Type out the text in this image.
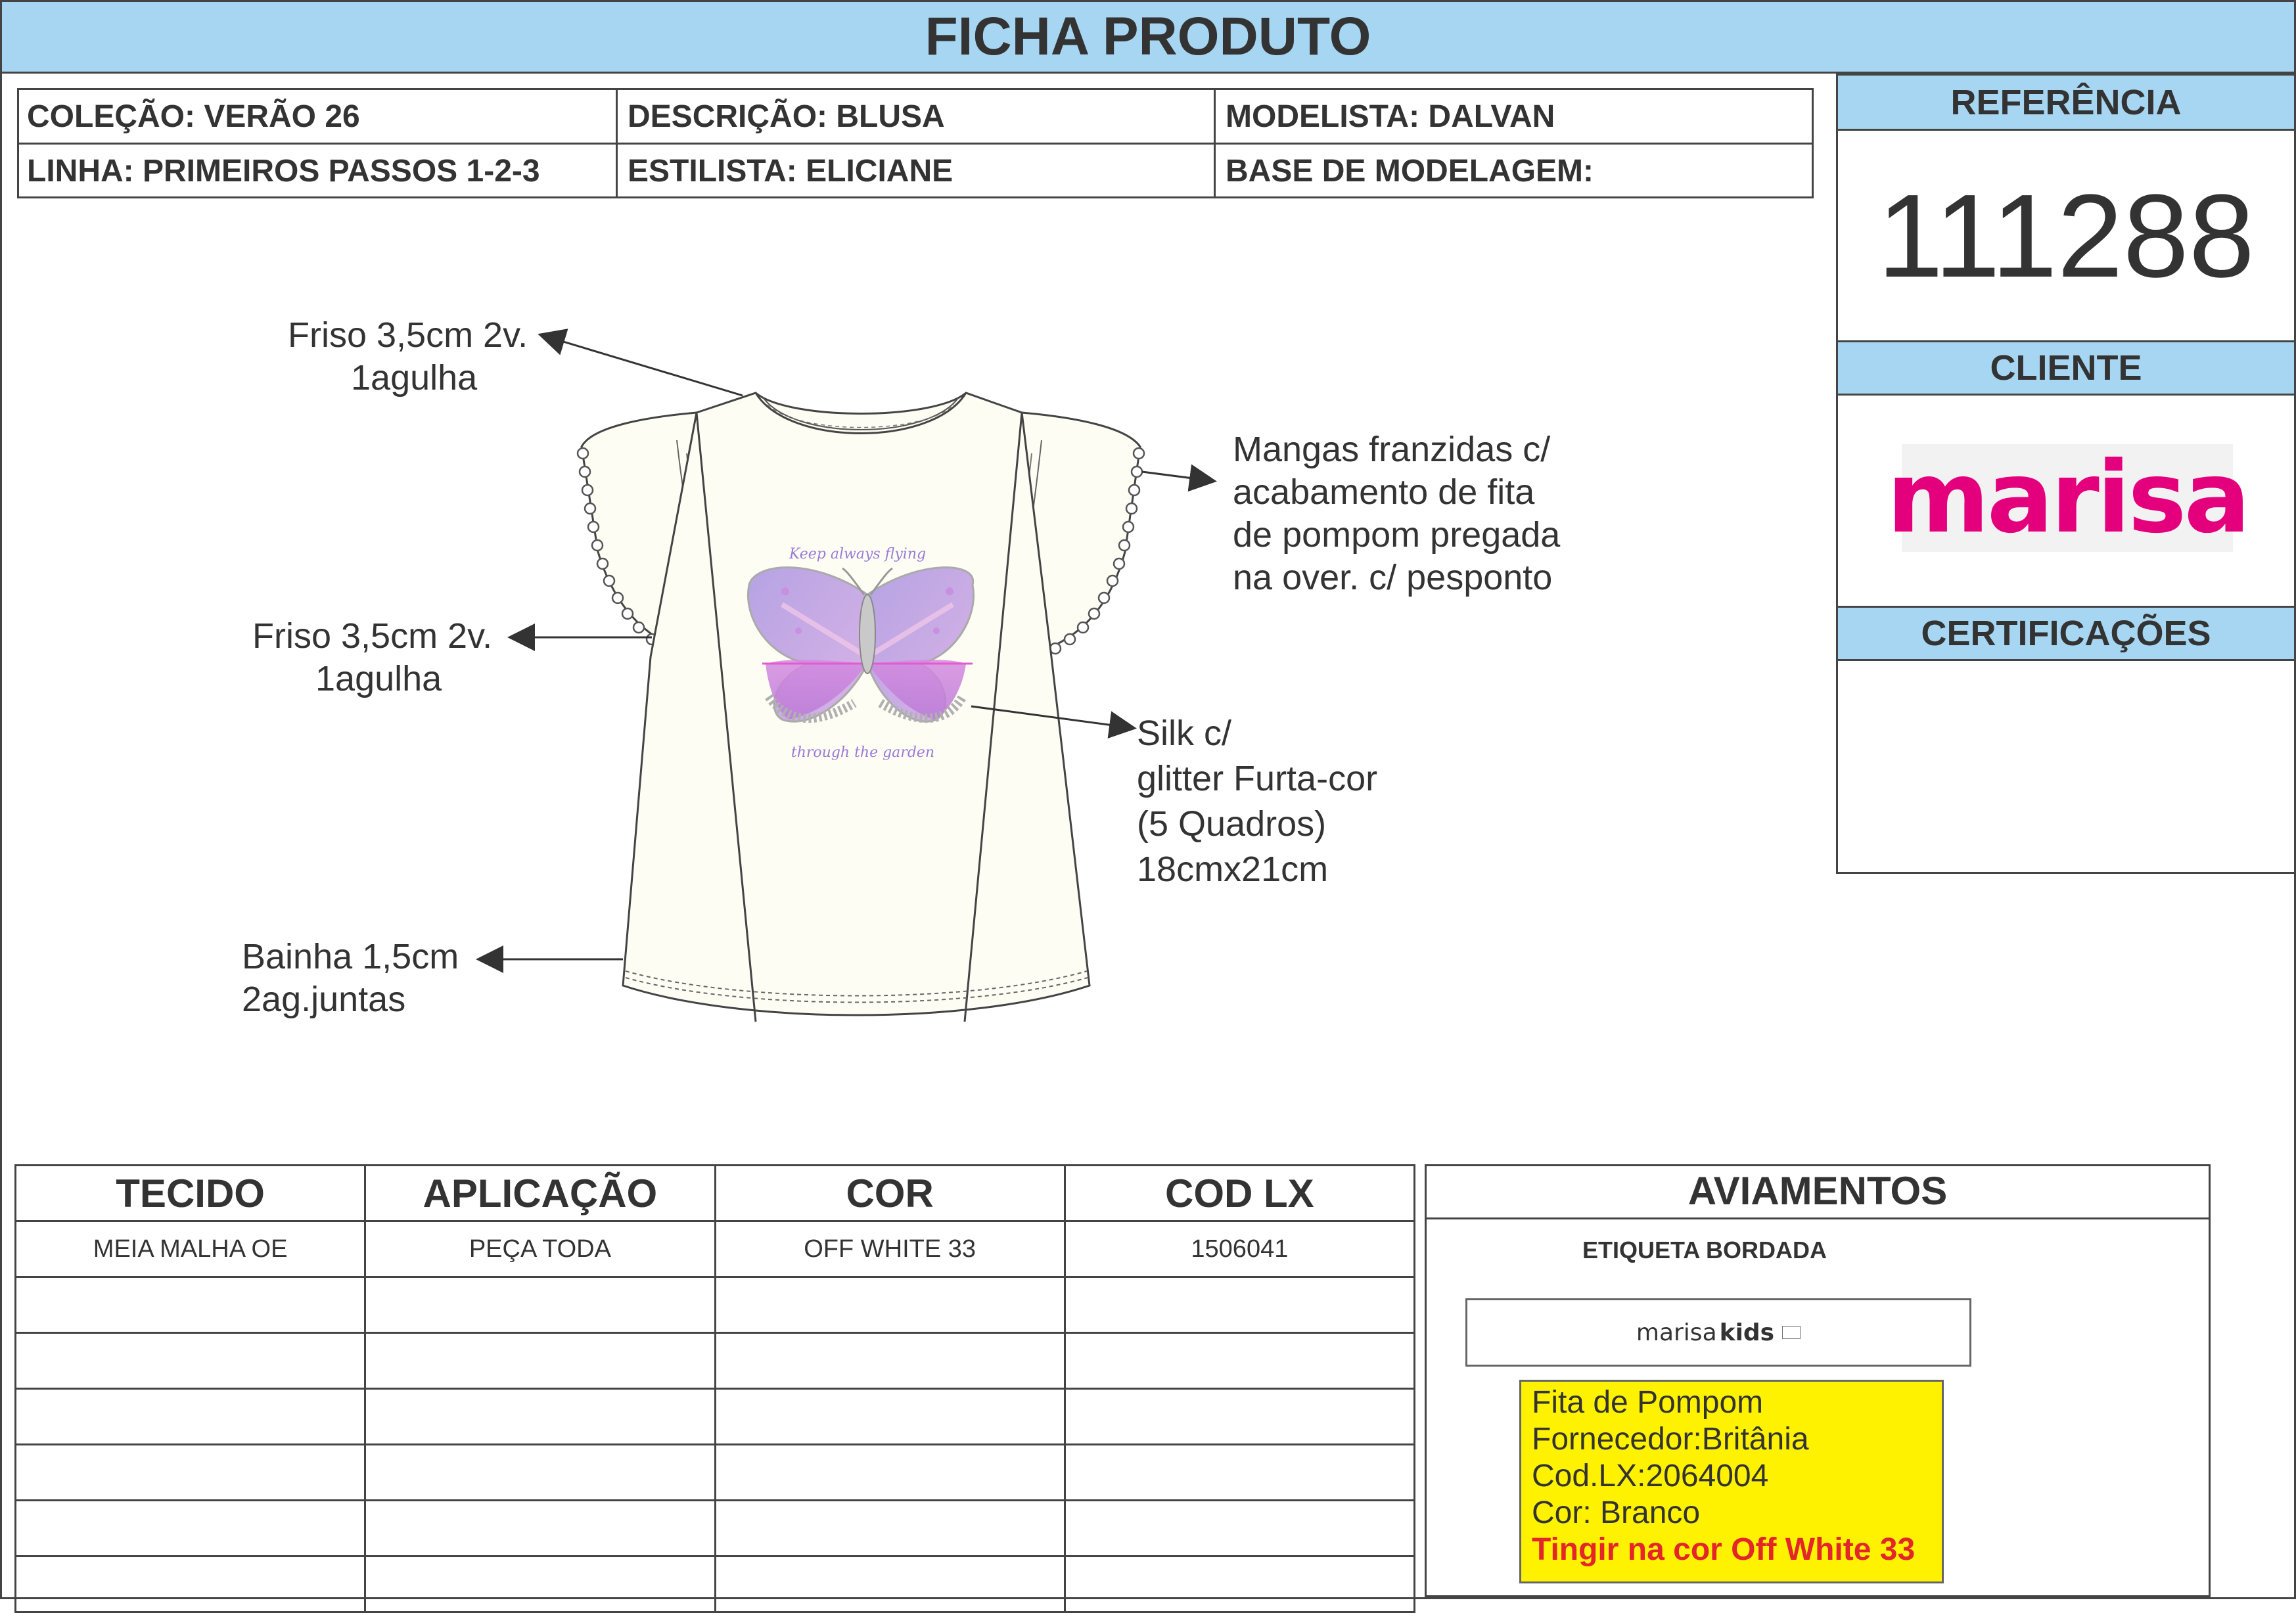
FICHA PRODUTO
COLEÇÃO: VERÃO 26	DESCRIÇÃO: BLUSA	MODELISTA: DALVAN
LINHA: PRIMEIROS PASSOS 1-2-3	ESTILISTA: ELICIANE	BASE DE MODELAGEM:
REFERÊNCIA
111288
CLIENTE
marisa
CERTIFICAÇÕES
Keep always flying
through the garden
Friso 3,5cm 2v.
1agulha
Mangas franzidas c/
acabamento de fita
de pompom pregada
na over. c/ pesponto
Friso 3,5cm 2v.
1agulha
Silk c/
glitter Furta-cor
(5 Quadros)
18cmx21cm
Bainha 1,5cm
2ag.juntas
TECIDO	APLICAÇÃO	COR	COD LX
MEIA MALHA OE	PEÇA TODA	OFF WHITE 33	1506041

AVIAMENTOS
ETIQUETA BORDADA
marisa kids
Fita de Pompom
Fornecedor:Britânia
Cod.LX:2064004
Cor: Branco
Tingir na cor Off White 33
